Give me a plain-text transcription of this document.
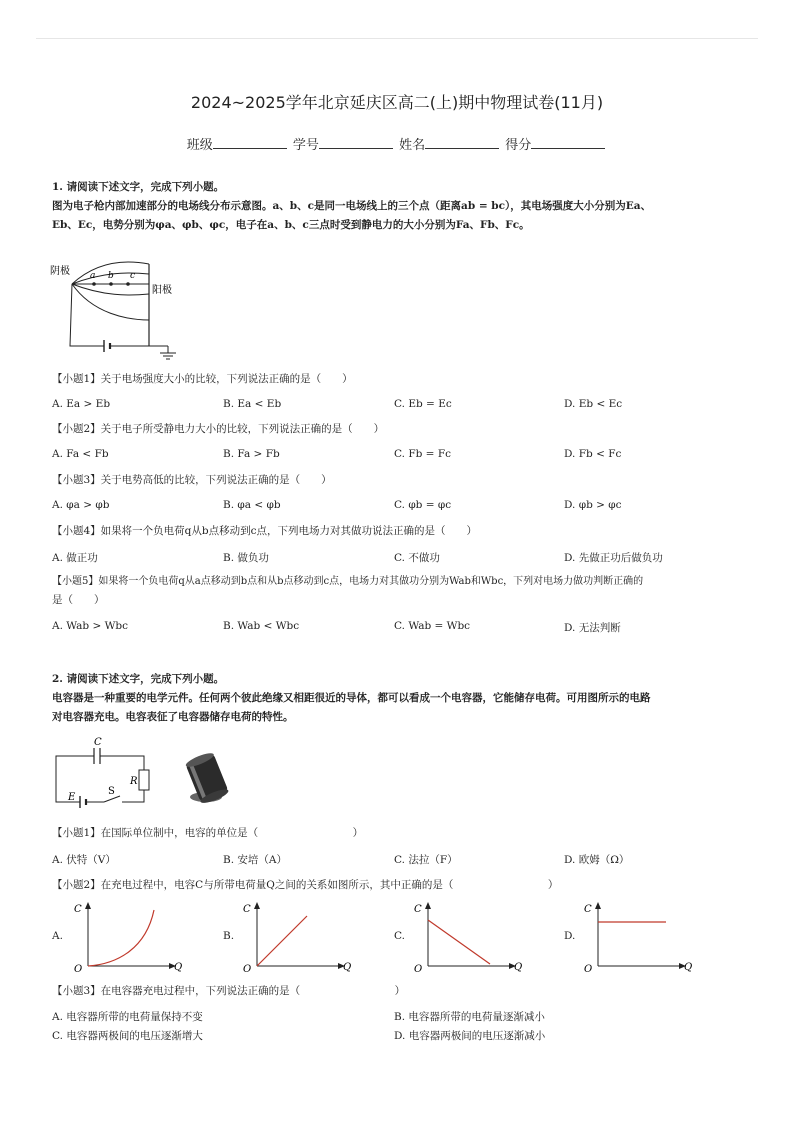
2024~2025学年北京延庆区高二(上)期中物理试卷(11月)
班级	学号	姓名	得分
1. 请阅读下述文字，完成下列小题。
图为电子枪内部加速部分的电场线分布示意图。a、b、c是同一电场线上的三个点（距离ab = bc），其电场强度大小分别为Ea、
Eb、Ec，电势分别为φa、φb、φc，电子在a、b、c三点时受到静电力的大小分别为Fa、Fb、Fc。
阴极
阳极
a b c
【小题1】关于电场强度大小的比较，下列说法正确的是（　　）
A. Ea > Eb	B. Ea < Eb	C. Eb = Ec	D. Eb < Ec
【小题2】关于电子所受静电力大小的比较，下列说法正确的是（　　）
A. Fa < Fb	B. Fa > Fb	C. Fb = Fc	D. Fb < Fc
【小题3】关于电势高低的比较，下列说法正确的是（　　）
A. φa > φb	B. φa < φb	C. φb = φc	D. φb > φc
【小题4】如果将一个负电荷q从b点移动到c点，下列电场力对其做功说法正确的是（　　）
A. 做正功	B. 做负功	C. 不做功	D. 先做正功后做负功
【小题5】如果将一个负电荷q从a点移动到b点和从b点移动到c点，电场力对其做功分别为Wab和Wbc，下列对电场力做功判断正确的
是（　　）
A. Wab > Wbc	B. Wab < Wbc	C. Wab = Wbc	D. 无法判断
2. 请阅读下述文字，完成下列小题。
电容器是一种重要的电学元件。任何两个彼此绝缘又相距很近的导体，都可以看成一个电容器，它能储存电荷。可用图所示的电路
对电容器充电。电容表征了电容器储存电荷的特性。
C
R
E
S
【小题1】在国际单位制中，电容的单位是（　　　　　　　　　）
A. 伏特（V）	B. 安培（A）	C. 法拉（F）	D. 欧姆（Ω）
【小题2】在充电过程中，电容C与所带电荷量Q之间的关系如图所示，其中正确的是（　　　　　　　　　）
A.
C
Q
O
B.
C
Q
O
C.
C
Q
O
D.
C
Q
O
【小题3】在电容器充电过程中，下列说法正确的是（　　　　　　　　　）
A. 电容器所带的电荷量保持不变	B. 电容器所带的电荷量逐渐减小
C. 电容器两极间的电压逐渐增大	D. 电容器两极间的电压逐渐减小
